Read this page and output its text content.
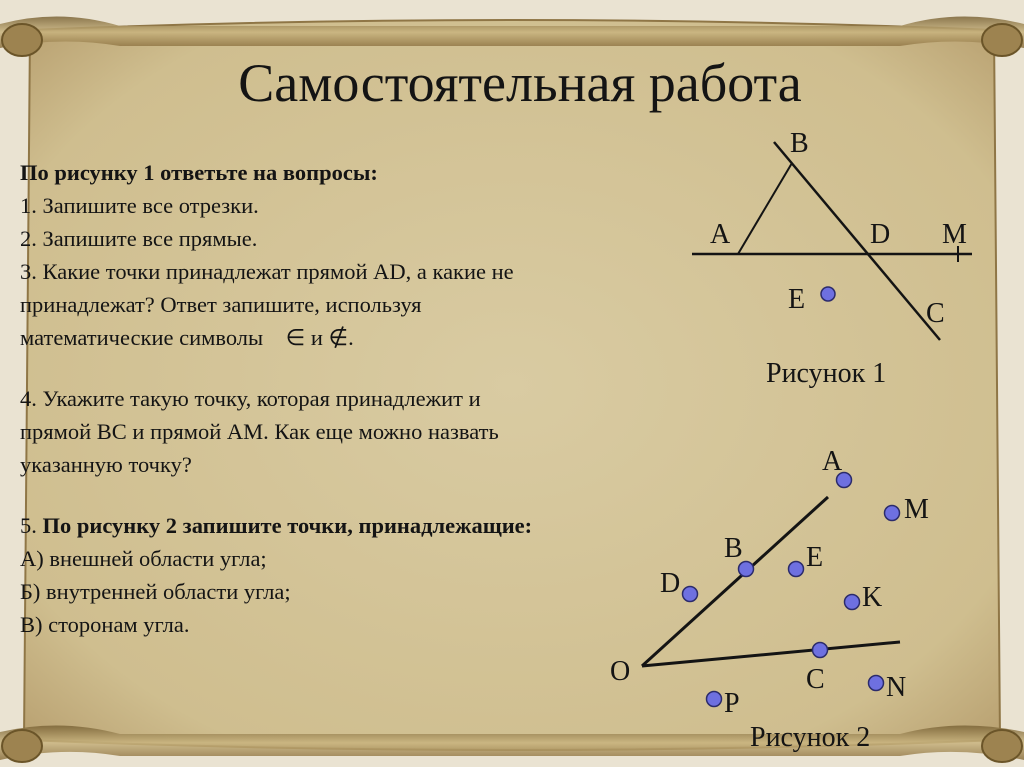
Самостоятельная работа
По рисунку 1 ответьте на вопросы:
1. Запишите все отрезки.
2. Запишите все прямые.
3. Какие точки принадлежат прямой AD, а какие не
принадлежат? Ответ запишите, используя
математические символы ∈ и ∉.
4. Укажите такую точку, которая принадлежит и
прямой ВС и прямой АМ. Как еще можно назвать
указанную точку?
5. По рисунку 2 запишите точки, принадлежащие:
А) внешней области угла;
Б) внутренней области угла;
В) сторонам угла.
B
A	D M
E	C
Рисунок 1
A
M
B E
D	K
O	C N
P
Рисунок 2
